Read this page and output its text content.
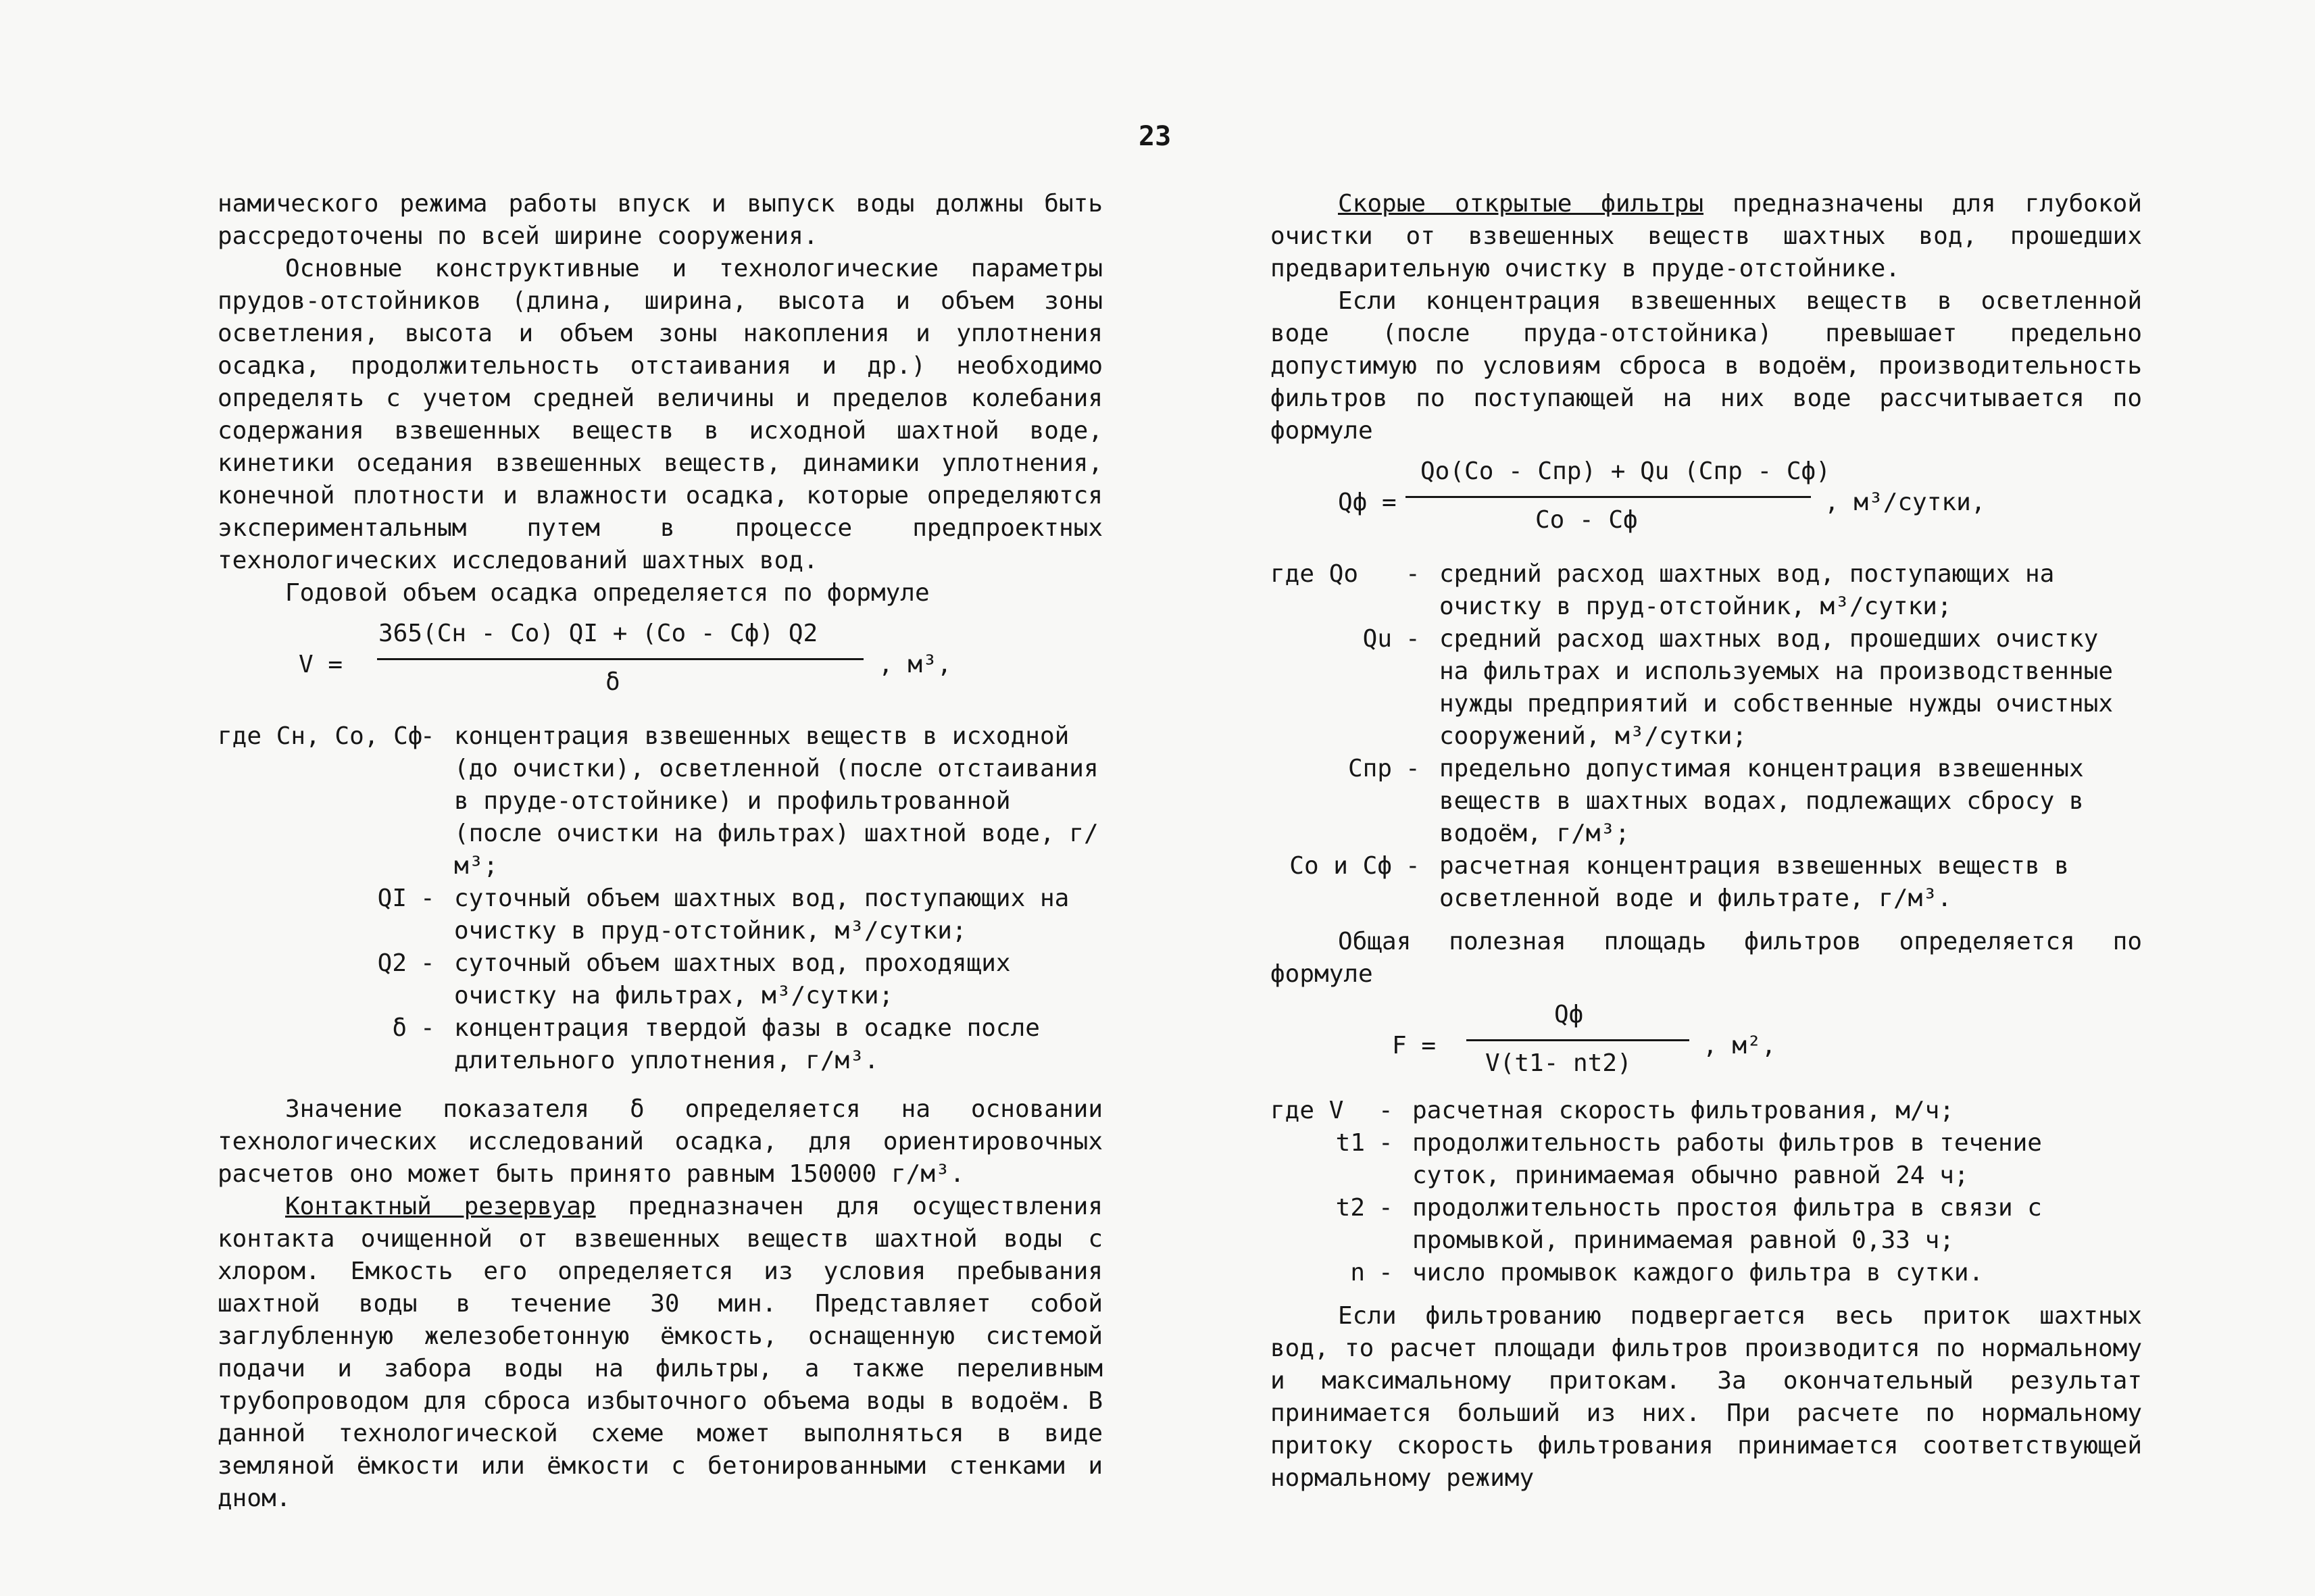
23

намического режима работы впуск и выпуск воды должны быть рассредоточены по всей ширине сооружения.

Основные конструктивные и технологические параметры прудов-отстойников (длина, ширина, высота и объем зоны осветления, высота и объем зоны накопления и уплотнения осадка, продолжительность отстаивания и др.) необходимо определять с учетом средней величины и пределов колебания содержания взвешенных веществ в исходной шахтной воде, кинетики оседания взвешенных веществ, динамики уплотнения, конечной плотности и влажности осадка, которые определяются экспериментальным путем в процессе предпроектных технологических исследований шахтных вод.

Годовой объем осадка определяется по формуле

V =
365(Cн - Co) QI + (Co - Cф) Q2
δ
, м³,
где Cн, Co, Cф
- концентрация взвешенных веществ в исходной (до очистки), осветленной (после отстаивания в пруде-отстойнике) и профильтрованной (после очистки на фильтрах) шахтной воде, г/м³;
QI - суточный объем шахтных вод, поступающих на очистку в пруд-отстойник, м³/сутки;
Q2 - суточный объем шахтных вод, проходящих очистку на фильтрах, м³/сутки;
δ - концентрация твердой фазы в осадке после длительного уплотнения, г/м³.

Значение показателя δ определяется на основании технологических исследований осадка, для ориентировочных расчетов оно может быть принято равным 150000 г/м³.

Контактный резервуар предназначен для осуществления контакта очищенной от взвешенных веществ шахтной воды с хлором. Емкость его определяется из условия пребывания шахтной воды в течение 30 мин. Представляет собой заглубленную железобетонную ёмкость, оснащенную системой подачи и забора воды на фильтры, а также переливным трубопроводом для сброса избыточного объема воды в водоём. В данной технологической схеме может выполняться в виде земляной ёмкости или ёмкости с бетонированными стенками и дном.

Скорые открытые фильтры предназначены для глубокой очистки от взвешенных веществ шахтных вод, прошедших предварительную очистку в пруде-отстойнике.

Если концентрация взвешенных веществ в осветленной воде (после пруда-отстойника) превышает предельно допустимую по условиям сброса в водоём, производительность фильтров по поступающей на них воде рассчитывается по формуле

Qф =
Qo(Co - Cпр) + Qu (Cпр - Cф)
Co - Cф
, м³/сутки,
где Qo	- средний расход шахтных вод, поступающих на очистку в пруд-отстойник, м³/сутки;
Qu - средний расход шахтных вод, прошедших очистку на фильтрах и используемых на производственные нужды предприятий и собственные нужды очистных сооружений, м³/сутки;
Cпр - предельно допустимая концентрация взвешенных веществ в шахтных водах, подлежащих сбросу в водоём, г/м³;
Co и Cф - расчетная концентрация взвешенных веществ в осветленной воде и фильтрате, г/м³.

Общая полезная площадь фильтров определяется по формуле

F =
Qф
V(t1- nt2)
, м²,
где V	- расчетная скорость фильтрования, м/ч;
t1 - продолжительность работы фильтров в течение суток, принимаемая обычно равной 24 ч;
t2 - продолжительность простоя фильтра в связи с промывкой, принимаемая равной 0,33 ч;
n - число промывок каждого фильтра в сутки.

Если фильтрованию подвергается весь приток шахтных вод, то расчет площади фильтров производится по нормальному и максимальному притокам. За окончательный результат принимается больший из них. При расчете по нормальному притоку скорость фильтрования принимается соответствующей нормальному режиму
